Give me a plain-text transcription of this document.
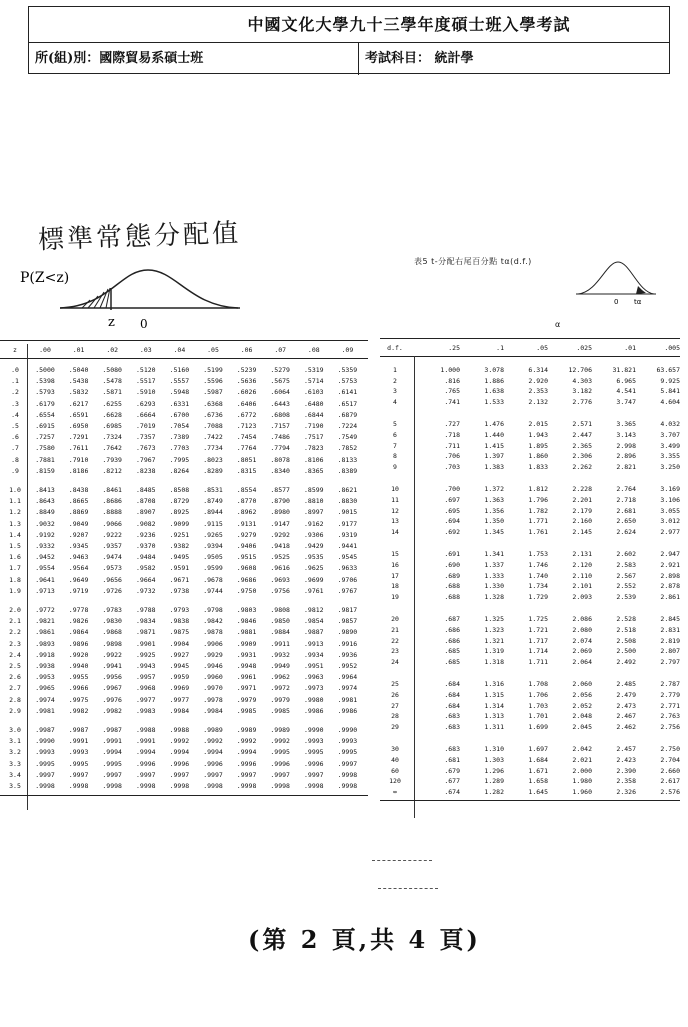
中國文化大學九十三學年度碩士班入學考試
所(組)別：國際貿易系碩士班	考試科目： 統計學
標準常態分配值
P(Z<z)
z 0
表5 t-分配右尾百分點 tα(d.f.)
0 tα
α
z	.00	.01	.02	.03	.04	.05	.06	.07	.08	.09
.0	.5000	.5040	.5080	.5120	.5160	.5199	.5239	.5279	.5319	.5359
.1	.5398	.5438	.5478	.5517	.5557	.5596	.5636	.5675	.5714	.5753
.2	.5793	.5832	.5871	.5910	.5948	.5987	.6026	.6064	.6103	.6141
.3	.6179	.6217	.6255	.6293	.6331	.6368	.6406	.6443	.6480	.6517
.4	.6554	.6591	.6628	.6664	.6700	.6736	.6772	.6808	.6844	.6879
.5	.6915	.6950	.6985	.7019	.7054	.7088	.7123	.7157	.7190	.7224
.6	.7257	.7291	.7324	.7357	.7389	.7422	.7454	.7486	.7517	.7549
.7	.7580	.7611	.7642	.7673	.7703	.7734	.7764	.7794	.7823	.7852
.8	.7881	.7910	.7939	.7967	.7995	.8023	.8051	.8078	.8106	.8133
.9	.8159	.8186	.8212	.8238	.8264	.8289	.8315	.8340	.8365	.8389
1.0	.8413	.8438	.8461	.8485	.8508	.8531	.8554	.8577	.8599	.8621
1.1	.8643	.8665	.8686	.8708	.8729	.8749	.8770	.8790	.8810	.8830
1.2	.8849	.8869	.8888	.8907	.8925	.8944	.8962	.8980	.8997	.9015
1.3	.9032	.9049	.9066	.9082	.9099	.9115	.9131	.9147	.9162	.9177
1.4	.9192	.9207	.9222	.9236	.9251	.9265	.9279	.9292	.9306	.9319
1.5	.9332	.9345	.9357	.9370	.9382	.9394	.9406	.9418	.9429	.9441
1.6	.9452	.9463	.9474	.9484	.9495	.9505	.9515	.9525	.9535	.9545
1.7	.9554	.9564	.9573	.9582	.9591	.9599	.9608	.9616	.9625	.9633
1.8	.9641	.9649	.9656	.9664	.9671	.9678	.9686	.9693	.9699	.9706
1.9	.9713	.9719	.9726	.9732	.9738	.9744	.9750	.9756	.9761	.9767
2.0	.9772	.9778	.9783	.9788	.9793	.9798	.9803	.9808	.9812	.9817
2.1	.9821	.9826	.9830	.9834	.9838	.9842	.9846	.9850	.9854	.9857
2.2	.9861	.9864	.9868	.9871	.9875	.9878	.9881	.9884	.9887	.9890
2.3	.9893	.9896	.9898	.9901	.9904	.9906	.9909	.9911	.9913	.9916
2.4	.9918	.9920	.9922	.9925	.9927	.9929	.9931	.9932	.9934	.9936
2.5	.9938	.9940	.9941	.9943	.9945	.9946	.9948	.9949	.9951	.9952
2.6	.9953	.9955	.9956	.9957	.9959	.9960	.9961	.9962	.9963	.9964
2.7	.9965	.9966	.9967	.9968	.9969	.9970	.9971	.9972	.9973	.9974
2.8	.9974	.9975	.9976	.9977	.9977	.9978	.9979	.9979	.9980	.9981
2.9	.9981	.9982	.9982	.9983	.9984	.9984	.9985	.9985	.9986	.9986
3.0	.9987	.9987	.9987	.9988	.9988	.9989	.9989	.9989	.9990	.9990
3.1	.9990	.9991	.9991	.9991	.9992	.9992	.9992	.9992	.9993	.9993
3.2	.9993	.9993	.9994	.9994	.9994	.9994	.9994	.9995	.9995	.9995
3.3	.9995	.9995	.9995	.9996	.9996	.9996	.9996	.9996	.9996	.9997
3.4	.9997	.9997	.9997	.9997	.9997	.9997	.9997	.9997	.9997	.9998
3.5	.9998	.9998	.9998	.9998	.9998	.9998	.9998	.9998	.9998	.9998
d.f.	.25	.1	.05	.025	.01	.005
1	1.000	3.078	6.314	12.706	31.821	63.657
2	.816	1.886	2.920	4.303	6.965	9.925
3	.765	1.638	2.353	3.182	4.541	5.841
4	.741	1.533	2.132	2.776	3.747	4.604
5	.727	1.476	2.015	2.571	3.365	4.032
6	.718	1.440	1.943	2.447	3.143	3.707
7	.711	1.415	1.895	2.365	2.998	3.499
8	.706	1.397	1.860	2.306	2.896	3.355
9	.703	1.383	1.833	2.262	2.821	3.250
10	.700	1.372	1.812	2.228	2.764	3.169
11	.697	1.363	1.796	2.201	2.718	3.106
12	.695	1.356	1.782	2.179	2.681	3.055
13	.694	1.350	1.771	2.160	2.650	3.012
14	.692	1.345	1.761	2.145	2.624	2.977
15	.691	1.341	1.753	2.131	2.602	2.947
16	.690	1.337	1.746	2.120	2.583	2.921
17	.689	1.333	1.740	2.110	2.567	2.898
18	.688	1.330	1.734	2.101	2.552	2.878
19	.688	1.328	1.729	2.093	2.539	2.861
20	.687	1.325	1.725	2.086	2.528	2.845
21	.686	1.323	1.721	2.080	2.518	2.831
22	.686	1.321	1.717	2.074	2.508	2.819
23	.685	1.319	1.714	2.069	2.500	2.807
24	.685	1.318	1.711	2.064	2.492	2.797
25	.684	1.316	1.708	2.060	2.485	2.787
26	.684	1.315	1.706	2.056	2.479	2.779
27	.684	1.314	1.703	2.052	2.473	2.771
28	.683	1.313	1.701	2.048	2.467	2.763
29	.683	1.311	1.699	2.045	2.462	2.756
30	.683	1.310	1.697	2.042	2.457	2.750
40	.681	1.303	1.684	2.021	2.423	2.704
60	.679	1.296	1.671	2.000	2.390	2.660
120	.677	1.289	1.658	1.980	2.358	2.617
∞	.674	1.282	1.645	1.960	2.326	2.576
(第 2 頁,共 4 頁)
